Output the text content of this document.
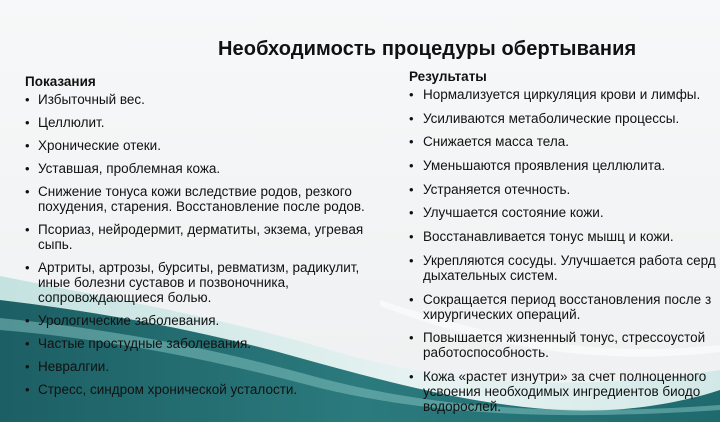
Необходимость процедуры обертывания
Показания
• Избыточный вес.
• Целлюлит.
• Хронические отеки.
• Уставшая, проблемная кожа.
• Снижение тонуса кожи вследствие родов, резкого
похудения, старения. Восстановление после родов.
• Псориаз, нейродермит, дерматиты, экзема, угревая
сыпь.
• Артриты, артрозы, бурситы, ревматизм, радикулит,
иные болезни суставов и позвоночника,
сопровождающиеся болью.
• Урологические заболевания.
• Частые простудные заболевания.
• Невралгии.
• Стресс, синдром хронической усталости.
Результаты
• Нормализуется циркуляция крови и лимфы.
• Усиливаются метаболические процессы.
• Снижается масса тела.
• Уменьшаются проявления целлюлита.
• Устраняется отечность.
• Улучшается состояние кожи.
• Восстанавливается тонус мышц и кожи.
• Укрепляются сосуды. Улучшается работа серд
дыхательных систем.
• Сокращается период восстановления после з
хирургических операций.
• Повышается жизненный тонус, стрессоустой
работоспособность.
• Кожа «растет изнутри» за счет полноценного
усвоения необходимых ингредиентов биодо
водорослей.
